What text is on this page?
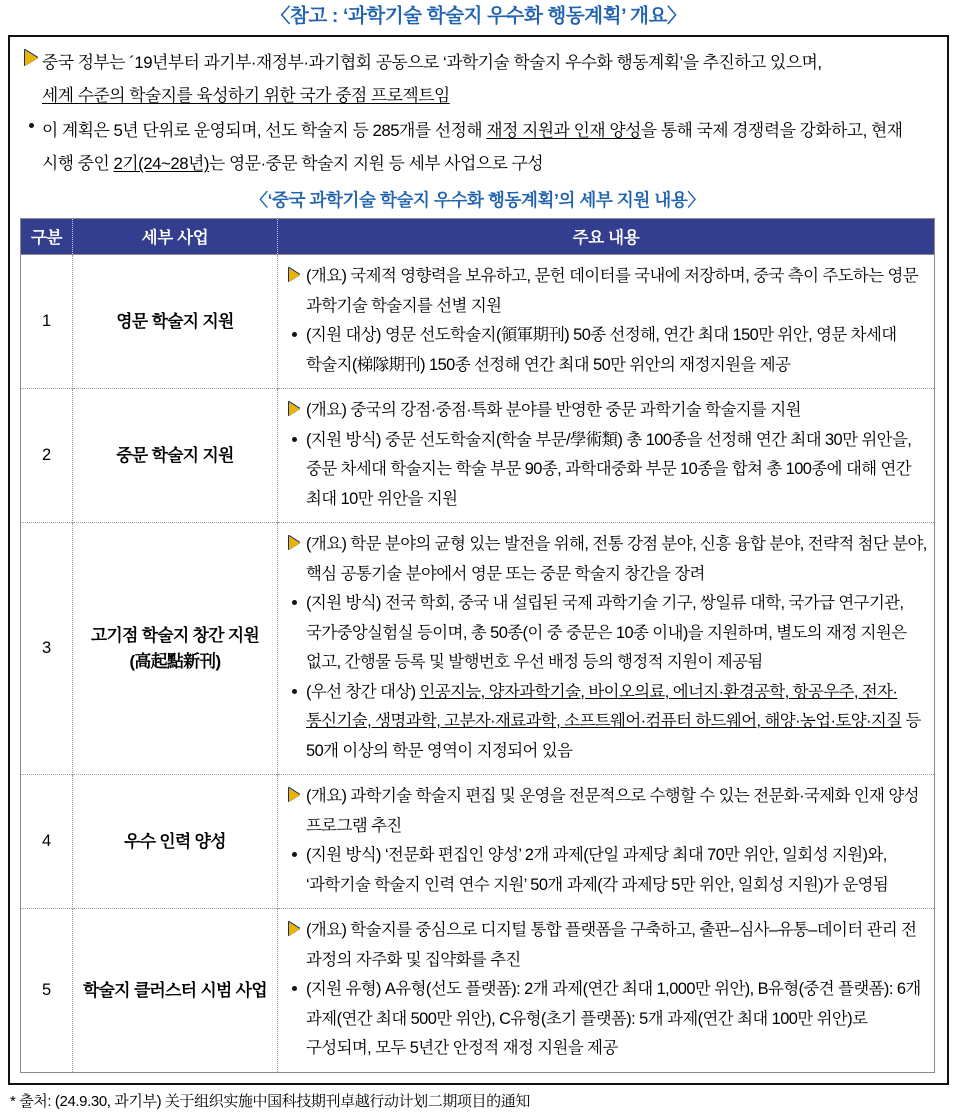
〈참고 : ‘과학기술 학술지 우수화 행동계획’ 개요〉
중국 정부는 ´19년부터 과기부·재정부·과기협회 공동으로 ‘과학기술 학술지 우수화 행동계획’을 추진하고 있으며,
세계 수준의 학술지를 육성하기 위한 국가 중점 프로젝트임
이 계획은 5년 단위로 운영되며, 선도 학술지 등 285개를 선정해 재정 지원과 인재 양성을 통해 국제 경쟁력을 강화하고, 현재 시행 중인 2기(24~28년)는 영문·중문 학술지 지원 등 세부 사업으로 구성
〈‘중국 과학기술 학술지 우수화 행동계획’의 세부 지원 내용〉
구분	세부 사업	주요 내용
1	영문 학술지 지원	(개요) 국제적 영향력을 보유하고, 문헌 데이터를 국내에 저장하며, 중국 측이 주도하는 영문 과학기술 학술지를 선별 지원
(지원 대상) 영문 선도학술지(領軍期刊) 50종 선정해, 연간 최대 150만 위안, 영문 차세대 학술지(梯隊期刊) 150종 선정해 연간 최대 50만 위안의 재정지원을 제공

2	중문 학술지 지원	(개요) 중국의 강점·중점·특화 분야를 반영한 중문 과학기술 학술지를 지원
(지원 방식) 중문 선도학술지(학술 부문/學術類) 총 100종을 선정해 연간 최대 30만 위안을, 중문 차세대 학술지는 학술 부문 90종, 과학대중화 부문 10종을 합쳐 총 100종에 대해 연간 최대 10만 위안을 지원

3	고기점 학술지 창간 지원
(高起點新刊)	
(개요) 학문 분야의 균형 있는 발전을 위해, 전통 강점 분야, 신흥 융합 분야, 전략적 첨단 분야, 핵심 공통기술 분야에서 영문 또는 중문 학술지 창간을 장려
(지원 방식) 전국 학회, 중국 내 설립된 국제 과학기술 기구, 쌍일류 대학, 국가급 연구기관, 국가중앙실험실 등이며, 총 50종(이 중 중문은 10종 이내)을 지원하며, 별도의 재정 지원은 없고, 간행물 등록 및 발행번호 우선 배정 등의 행정적 지원이 제공됨
(우선 창간 대상) 인공지능, 양자과학기술, 바이오의료, 에너지·환경공학, 항공우주, 전자·통신기술, 생명과학, 고분자·재료과학, 소프트웨어·컴퓨터 하드웨어, 해양·농업·토양·지질 등 50개 이상의 학문 영역이 지정되어 있음

4	우수 인력 양성	(개요) 과학기술 학술지 편집 및 운영을 전문적으로 수행할 수 있는 전문화·국제화 인재 양성 프로그램 추진
(지원 방식) ‘전문화 편집인 양성’ 2개 과제(단일 과제당 최대 70만 위안, 일회성 지원)와, ‘과학기술 학술지 인력 연수 지원’ 50개 과제(각 과제당 5만 위안, 일회성 지원)가 운영됨

5	학술지 클러스터 시범 사업	(개요) 학술지를 중심으로 디지털 통합 플랫폼을 구축하고, 출판–심사–유통–데이터 관리 전 과정의 자주화 및 집약화를 추진
(지원 유형) A유형(선도 플랫폼): 2개 과제(연간 최대 1,000만 위안), B유형(중견 플랫폼): 6개 과제(연간 최대 500만 위안), C유형(초기 플랫폼): 5개 과제(연간 최대 100만 위안)로 구성되며, 모두 5년간 안정적 재정 지원을 제공
* 출처: (24.9.30, 과기부) 关于组织实施中国科技期刊卓越行动计划二期项目的通知
